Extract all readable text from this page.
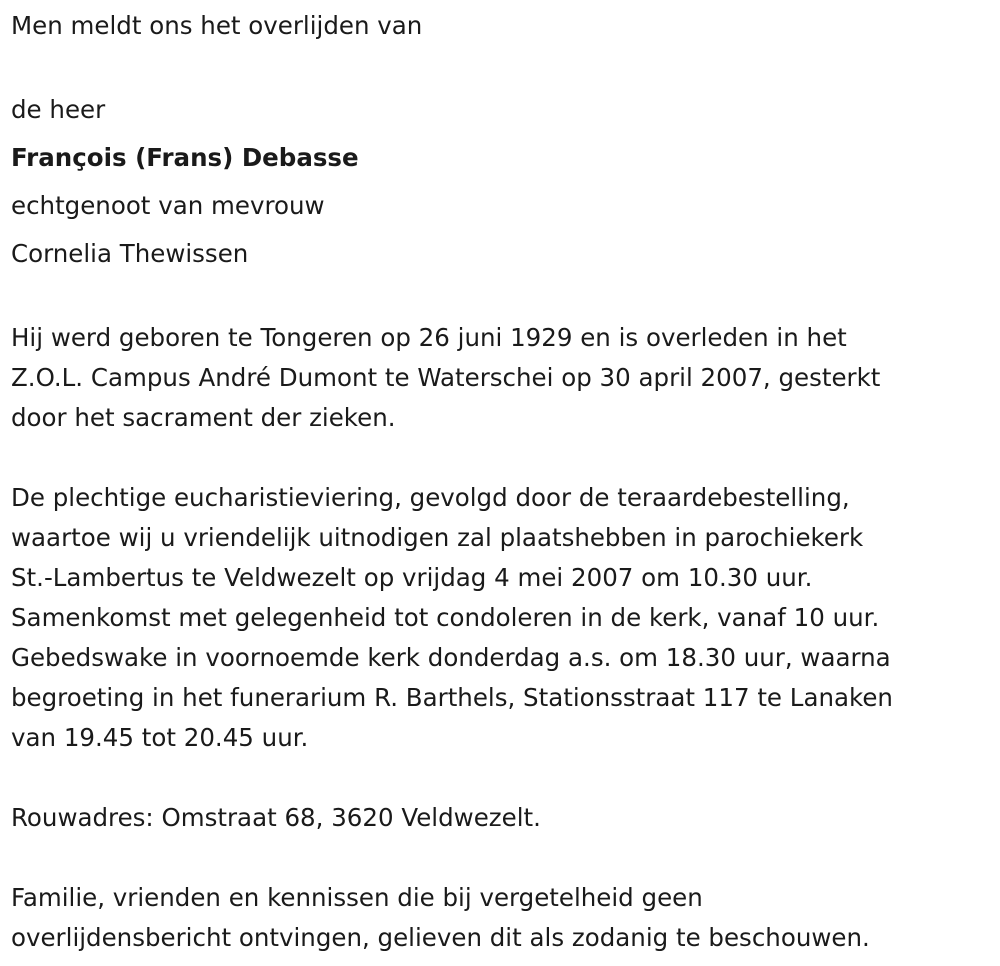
Men meldt ons het overlijden van

de heer

François (Frans) Debasse

echtgenoot van mevrouw

Cornelia Thewissen

Hij werd geboren te Tongeren op 26 juni 1929 en is overleden in het

Z.O.L. Campus André Dumont te Waterschei op 30 april 2007, gesterkt

door het sacrament der zieken.

De plechtige eucharistieviering, gevolgd door de teraardebestelling,

waartoe wij u vriendelijk uitnodigen zal plaatshebben in parochiekerk

St.-Lambertus te Veldwezelt op vrijdag 4 mei 2007 om 10.30 uur.

Samenkomst met gelegenheid tot condoleren in de kerk, vanaf 10 uur.

Gebedswake in voornoemde kerk donderdag a.s. om 18.30 uur, waarna

begroeting in het funerarium R. Barthels, Stationsstraat 117 te Lanaken

van 19.45 tot 20.45 uur.

Rouwadres: Omstraat 68, 3620 Veldwezelt.

Familie, vrienden en kennissen die bij vergetelheid geen

overlijdensbericht ontvingen, gelieven dit als zodanig te beschouwen.
